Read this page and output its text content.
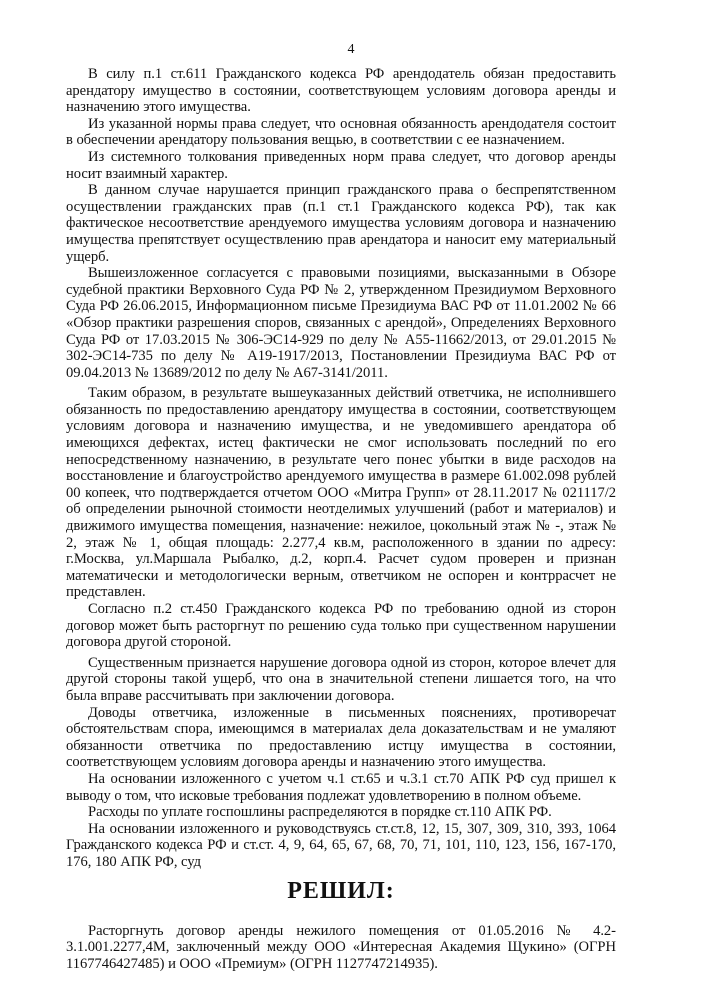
4

В силу п.1 ст.611 Гражданского кодекса РФ арендодатель обязан предоставить арендатору имущество в состоянии, соответствующем условиям договора аренды и назначению этого имущества.

Из указанной нормы права следует, что основная обязанность арендодателя состоит в обеспечении арендатору пользования вещью, в соответствии с ее назначением.

Из системного толкования приведенных норм права следует, что договор аренды носит взаимный характер.

В данном случае нарушается принцип гражданского права о беспрепятственном осуществлении гражданских прав (п.1 ст.1 Гражданского кодекса РФ), так как фактическое несоответствие арендуемого имущества условиям договора и назначению имущества препятствует осуществлению прав арендатора и наносит ему материальный ущерб.

Вышеизложенное согласуется с правовыми позициями, высказанными в Обзоре судебной практики Верховного Суда РФ № 2, утвержденном Президиумом Верховного Суда РФ 26.06.2015, Информационном письме Президиума ВАС РФ от 11.01.2002 № 66 «Обзор практики разрешения споров, связанных с арендой», Определениях Верховного Суда РФ от 17.03.2015 № 306-ЭС14-929 по делу № А55-11662/2013, от 29.01.2015 № 302-ЭС14-735 по делу № А19-1917/2013, Постановлении Президиума ВАС РФ от 09.04.2013 № 13689/2012 по делу № А67-3141/2011.

Таким образом, в результате вышеуказанных действий ответчика, не исполнившего обязанность по предоставлению арендатору имущества в состоянии, соответствующем условиям договора и назначению имущества, и не уведомившего арендатора об имеющихся дефектах, истец фактически не смог использовать последний по его непосредственному назначению, в результате чего понес убытки в виде расходов на восстановление и благоустройство арендуемого имущества в размере 61.002.098 рублей 00 копеек, что подтверждается отчетом ООО «Митра Групп» от 28.11.2017 № 021117/2 об определении рыночной стоимости неотделимых улучшений (работ и материалов) и движимого имущества помещения, назначение: нежилое, цокольный этаж № -, этаж № 2, этаж № 1, общая площадь: 2.277,4 кв.м, расположенного в здании по адресу: г.Москва, ул.Маршала Рыбалко, д.2, корп.4. Расчет судом проверен и признан математически и методологически верным, ответчиком не оспорен и контррасчет не представлен.

Согласно п.2 ст.450 Гражданского кодекса РФ по требованию одной из сторон договор может быть расторгнут по решению суда только при существенном нарушении договора другой стороной.

Существенным признается нарушение договора одной из сторон, которое влечет для другой стороны такой ущерб, что она в значительной степени лишается того, на что была вправе рассчитывать при заключении договора.

Доводы ответчика, изложенные в письменных пояснениях, противоречат обстоятельствам спора, имеющимся в материалах дела доказательствам и не умаляют обязанности ответчика по предоставлению истцу имущества в состоянии, соответствующем условиям договора аренды и назначению этого имущества.

На основании изложенного с учетом ч.1 ст.65 и ч.3.1 ст.70 АПК РФ суд пришел к выводу о том, что исковые требования подлежат удовлетворению в полном объеме.

Расходы по уплате госпошлины распределяются в порядке ст.110 АПК РФ.

На основании изложенного и руководствуясь ст.ст.8, 12, 15, 307, 309, 310, 393, 1064 Гражданского кодекса РФ и ст.ст. 4, 9, 64, 65, 67, 68, 70, 71, 101, 110, 123, 156, 167-170, 176, 180 АПК РФ, суд

РЕШИЛ:

Расторгнуть договор аренды нежилого помещения от 01.05.2016 № 4.2-3.1.001.2277,4М, заключенный между ООО «Интересная Академия Щукино» (ОГРН 1167746427485) и ООО «Премиум» (ОГРН 1127747214935).
